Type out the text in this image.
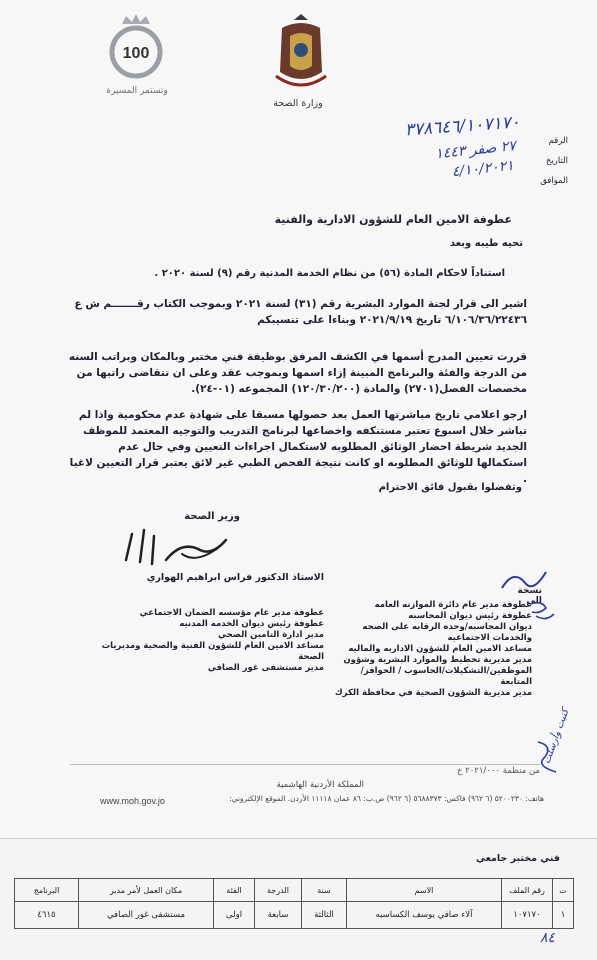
100
وتستمر المسيرة
وزارة الصحة
الرقم
٣٧٨٦٤٦/١٠٧١٧٠
التاريخ
٢٧ صفر ١٤٤٣
الموافق
٤/١٠/٢٠٢١
عطوفة الامين العام للشؤون الادارية والفنية
تحيه طيبه وبعد
استناداً لاحكام المادة (٥٦) من نظام الخدمة المدنية رقم (٩) لسنة ٢٠٢٠ .
اشير الى قرار لجنة الموارد البشرية رقم (٣١) لسنة ٢٠٢١ وبموجب الكتاب رقـــــــم ش ع ٦/١٠٦/٣٦/٢٢٤٣٦ تاريخ ٢٠٢١/٩/١٩ وبناءا على تنسيبكم
قررت تعيين المدرج أسمها في الكشف المرفق بوظيفة فني مختبر وبالمكان وبراتب السنه من الدرجة والفئة والبرنامج المبينة إزاء اسمها وبموجب عقد وعلى ان تتقاضى راتبها من مخصصات الفصل(٢٧٠١) والمادة (١٢٠/٣٠/٢٠٠) المجموعه (٠١-٢٤).
ارجو اعلامي تاريخ مباشرتها العمل بعد حصولها مسبقا على شهادة عدم محكومية واذا لم تباشر خلال اسبوع تعتبر مستنكفه واخضاعها لبرنامج التدريب والتوجيه المعتمد للموظف الجديد شريطة احضار الوثائق المطلوبه لاستكمال اجراءات التعيين وفي حال عدم استكمالها للوثائق المطلوبه او كانت نتيجة الفحص الطبي غير لائق يعتبر قرار التعيين لاغيا .
وتفضلوا بقبول فائق الاحترام
وزير الصحة
الاستاذ الدكتور فراس ابراهيم الهواري
نسخة الى
عطوفة مدير عام دائرة الموازنه العامه
عطوفة رئيس ديوان المحاسبه
ديوان المحاسبه/وحده الرقابه على الصحه والخدمات الاجتماعيه
مساعد الامين العام للشؤون الاداريه والماليه
مدير مديرية تخطيط والموارد البشرية وشؤون الموظفين/التشكيلات/الحاسوب / الحوافز/المتابعة
مدير مديرية الشؤون الصحية في محافظة الكرك
عطوفة مدير عام مؤسسه الضمان الاجتماعي
عطوفة رئيس ديوان الخدمه المدنيه
مدير ادارة التامين الصحي
مساعد الامين العام للشؤون الفنية والصحية ومديريات الصحة
مدير مستشفى غور الصافي
كتبت وأرسلت
من منظمة ٢٠٢١/٠٠٠ خ
المملكة الأردنية الهاشمية
هاتف: ٥٢٠٠٢٣٠ (٦ ٩٦٢) فاكس: ٥٦٨٨٣٧٣ (٦ ٩٦٢) ص.ب: ٨٦ عمان ١١١١٨ الأردن. الموقع الإلكتروني:
www.moh.gov.jo
فني مختبر جامعي
ت	رقم الملف	الاسم	سنة	الدرجة	الفئة	مكان العمل لأمر مدير	البرنامج
١	١٠٧١٧٠	آلاء صافي يوسف الكساسبه	الثالثة	سابعة	اولى	مستشفى غور الصافي	٤٦١٥
٨٤
